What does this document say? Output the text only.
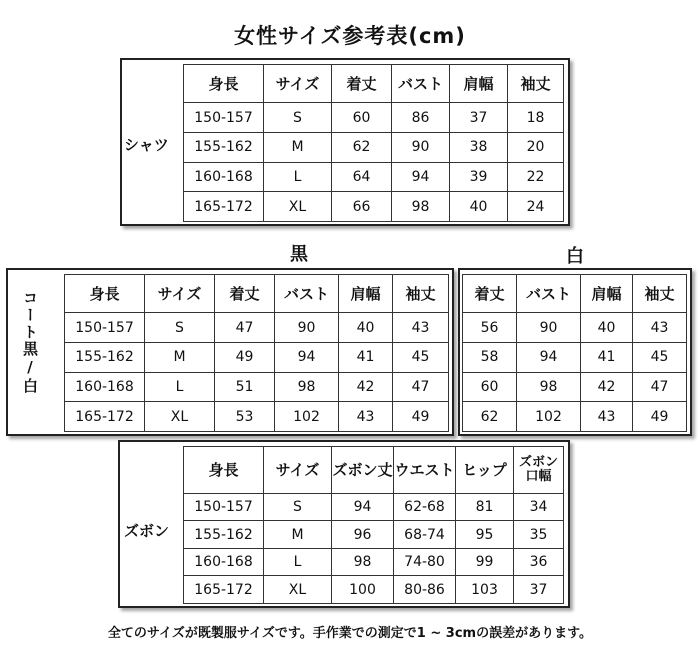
女性サイズ参考表(cm)
シャツ
身長	サイズ	着丈	バスト	肩幅	袖丈
150-157	S	60	86	37	18
155-162	M	62	90	38	20
160-168	L	64	94	39	22
165-172	XL	66	98	40	24
黒	白
コート黒/白	身長	サイズ	着丈	バスト	肩幅	袖丈
150-157	S	47	90	40	43
155-162	M	49	94	41	45
160-168	L	51	98	42	47
165-172	XL	53	102	43	49
着丈	バスト	肩幅	袖丈
56	90	40	43
58	94	41	45
60	98	42	47
62	102	43	49
ズボン
身長	サイズ	ズボン丈	ウエスト	ヒップ	ズボン口幅
150-157	S	94	62-68	81	34
155-162	M	96	68-74	95	35
160-168	L	98	74-80	99	36
165-172	XL	100	80-86	103	37
全てのサイズが既製服サイズです。手作業での測定で1 ~ 3cmの誤差があります。
